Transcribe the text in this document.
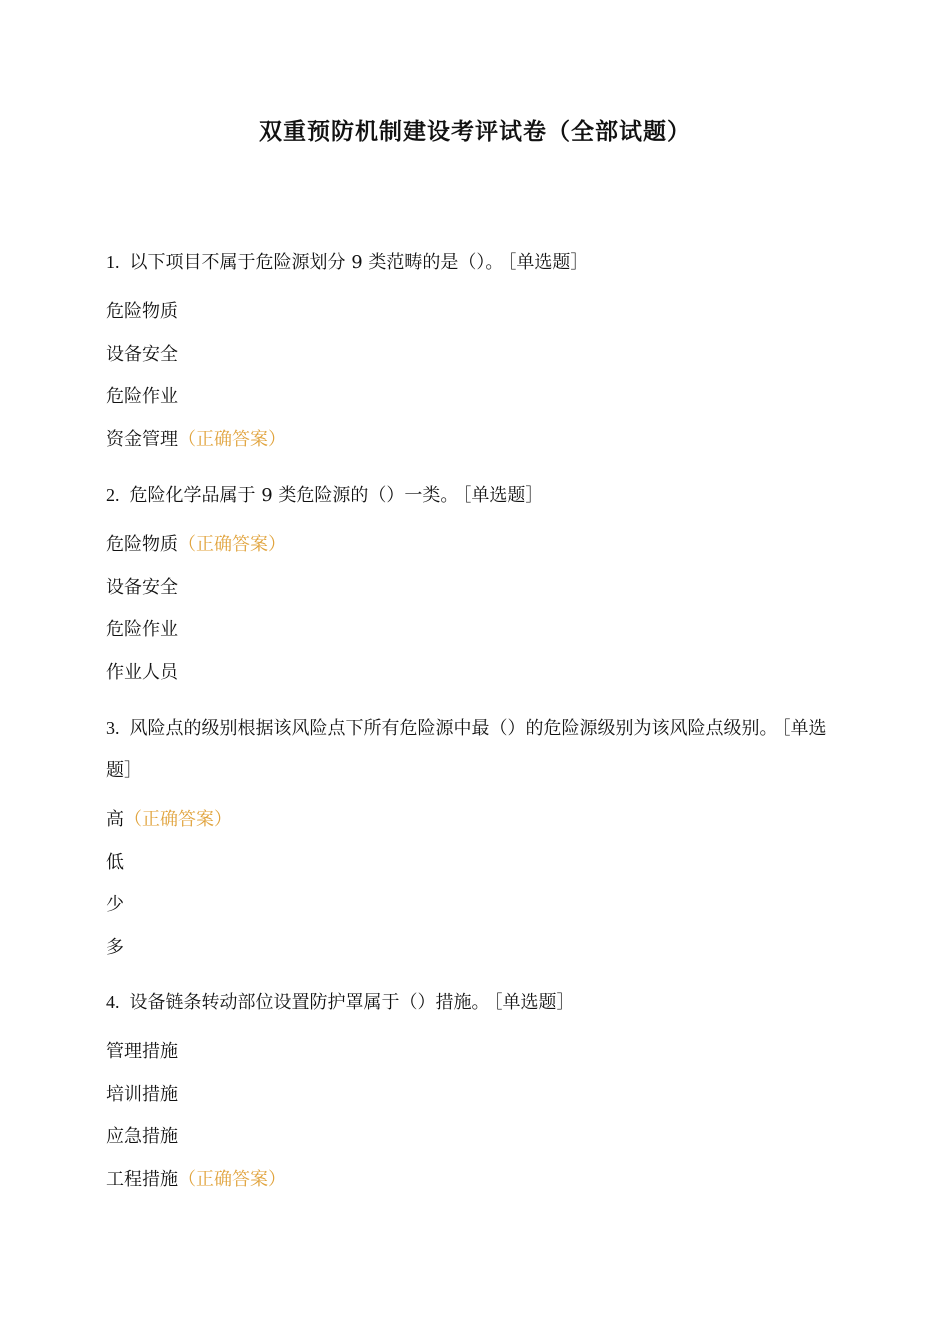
双重预防机制建设考评试卷（全部试题）

1. 以下项目不属于危险源划分 9 类范畴的是（）。 ［单选题］

危险物质
设备安全
危险作业
资金管理（正确答案）

2. 危险化学品属于 9 类危险源的（）一类。 ［单选题］

危险物质（正确答案）
设备安全
危险作业
作业人员

3. 风险点的级别根据该风险点下所有危险源中最（）的危险源级别为该风险点级别。 ［单选题］

高（正确答案）
低
少
多

4. 设备链条转动部位设置防护罩属于（）措施。 ［单选题］

管理措施
培训措施
应急措施
工程措施（正确答案）
